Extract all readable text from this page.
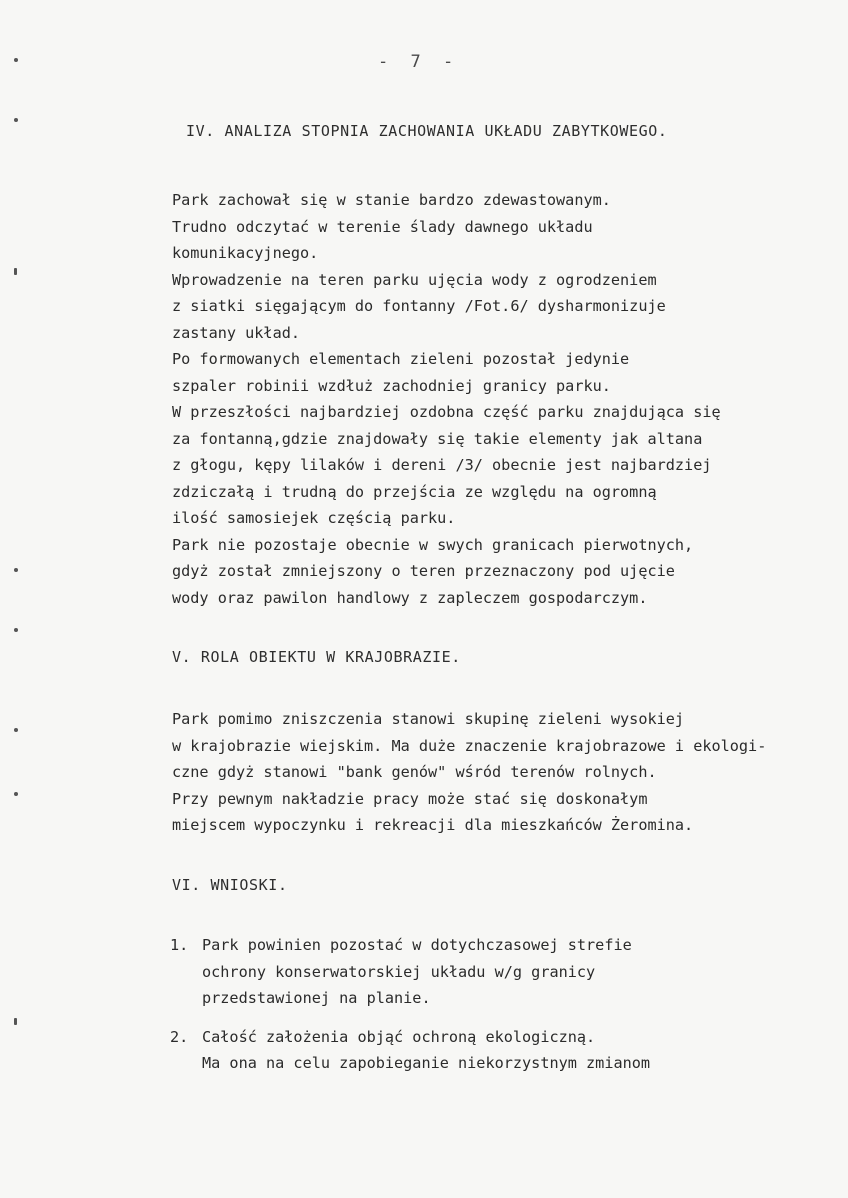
- 7 -
IV. ANALIZA STOPNIA ZACHOWANIA UKŁADU ZABYTKOWEGO.
Park zachował się w stanie bardzo zdewastowanym.
Trudno odczytać w terenie ślady dawnego układu
komunikacyjnego.
Wprowadzenie na teren parku ujęcia wody z ogrodzeniem
z siatki sięgającym do fontanny /Fot.6/ dysharmonizuje
zastany układ.
Po formowanych elementach zieleni pozostał jedynie
szpaler robinii wzdłuż zachodniej granicy parku.
W przeszłości najbardziej ozdobna część parku znajdująca się
za fontanną,gdzie znajdowały się takie elementy jak altana
z głogu, kępy lilaków i dereni /3/ obecnie jest najbardziej
zdziczałą i trudną do przejścia ze względu na ogromną
ilość samosiejek częścią parku.
Park nie pozostaje obecnie w swych granicach pierwotnych,
gdyż został zmniejszony o teren przeznaczony pod ujęcie
wody oraz pawilon handlowy z zapleczem gospodarczym.
V. ROLA OBIEKTU W KRAJOBRAZIE.
Park pomimo zniszczenia stanowi skupinę zieleni wysokiej
w krajobrazie wiejskim. Ma duże znaczenie krajobrazowe i ekologi-
czne gdyż stanowi "bank genów" wśród terenów rolnych.
Przy pewnym nakładzie pracy może stać się doskonałym
miejscem wypoczynku i rekreacji dla mieszkańców Żeromina.
VI. WNIOSKI.
1. Park powinien pozostać w dotychczasowej strefie
ochrony konserwatorskiej układu w/g granicy
przedstawionej na planie.
2. Całość założenia objąć ochroną ekologiczną.
Ma ona na celu zapobieganie niekorzystnym zmianom
